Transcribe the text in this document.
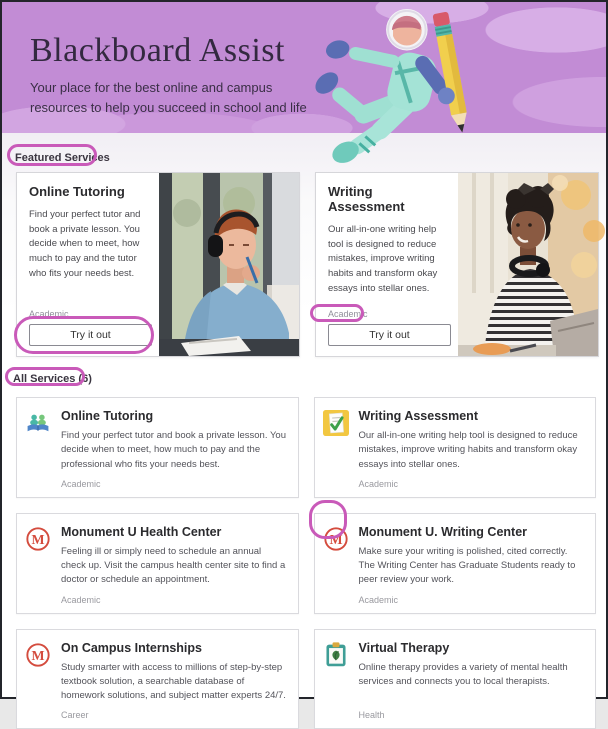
Blackboard Assist
Your place for the best online and campus resources to help you succeed in school and life
Featured Services
Online Tutoring
Find your perfect tutor and book a private lesson. You decide when to meet, how much to pay and the tutor who fits your needs best.
Academic
Try it out
Writing Assessment
Our all-in-one writing help tool is designed to reduce mistakes, improve writing habits and transform okay essays into stellar ones.
Academic
Try it out
All Services (6)
Online Tutoring
Find your perfect tutor and book a private lesson. You decide when to meet, how much to pay and the professional who fits your needs best.
Academic
Writing Assessment
Our all-in-one writing help tool is designed to reduce mistakes, improve writing habits and transform okay essays into stellar ones.
Academic
M
Monument U Health Center
Feeling ill or simply need to schedule an annual check up. Visit the campus health center site to find a doctor or schedule an appointment.
Academic
M
Monument U. Writing Center
Make sure your writing is polished, cited correctly. The Writing Center has Graduate Students ready to peer review your work.
Academic
M
On Campus Internships
Study smarter with access to millions of step-by-step textbook solution, a searchable database of homework solutions, and subject matter experts 24/7.
Career
Virtual Therapy
Online therapy provides a variety of mental health services and connects you to local therapists.
Health
